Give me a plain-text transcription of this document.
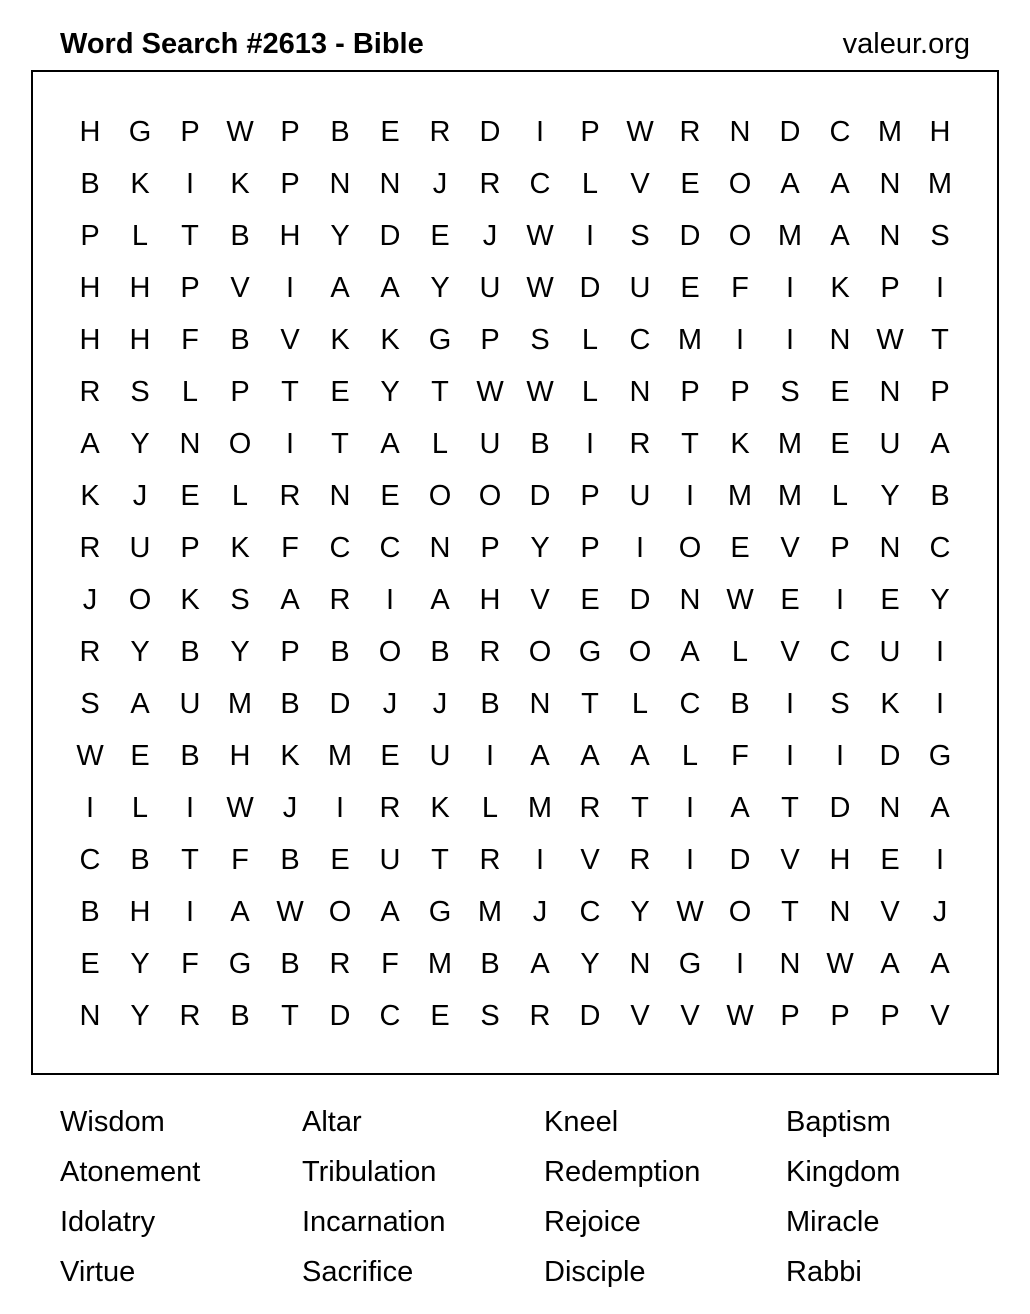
Word Search #2613 - Bible	valeur.org
H G	P W P	B	E	R	D	I	P W R	N	D	C M H
B	K	I	K	P	N	N	J	R	C	L	V	E	O	A	A	N M
P	L	T	B	H	Y	D	E	J	W	I	S	D O M A	N	S
H	H	P	V	I	A	A	Y	U W D	U	E	F	I	K	P	I
H	H	F	B	V	K	K	G	P	S	L	C M	I	I	N W T
R	S	L	P	T	E	Y	T W W L	N	P	P	S	E	N	P
A	Y	N O	I	T	A	L	U	B	I	R	T	K M E	U	A
K	J	E	L	R	N	E	O O D	P	U	I	M M	L	Y	B
R	U	P	K	F	C	C	N	P	Y	P	I	O	E	V	P	N	C
J	O	K	S	A	R	I	A	H	V	E	D	N W E	I	E	Y
R	Y	B	Y	P	B	O	B	R O G O	A	L	V	C	U	I
S	A	U M B	D	J	J	B	N	T	L	C	B	I	S	K	I
W E	B	H	K M E	U	I	A	A	A	L	F	I	I	D G
I	L	I	W	J	I	R	K	L	M R	T	I	A	T	D	N	A
C	B	T	F	B	E	U	T	R	I	V	R	I	D	V	H	E	I
B	H	I	A W O	A	G M	J	C	Y W O	T	N	V	J
E	Y	F	G	B	R	F	M B	A	Y	N G	I	N W A	A
N	Y	R	B	T	D	C	E	S	R	D	V	V W P	P	P	V
Wisdom	Altar	Kneel	Baptism
Atonement	Tribulation	Redemption	Kingdom
Idolatry	Incarnation	Rejoice	Miracle
Virtue	Sacrifice	Disciple	Rabbi
